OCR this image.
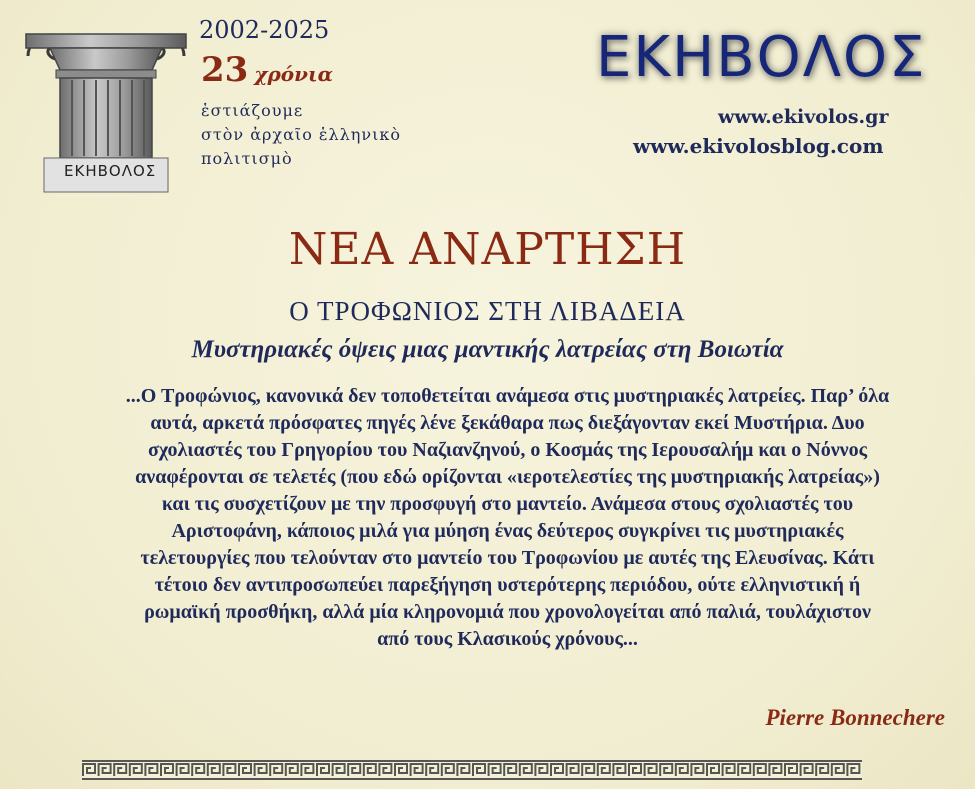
ΕΚΗΒΟΛΟΣ
2002-2025
23 χρόνια
ἑστιάζουμε
στὸν ἀρχαῖο ἑλληνικὸ
πολιτισμὸ
ΕΚΗΒΟΛΟΣ
www.ekivolos.gr
www.ekivolosblog.com
ΝΕΑ ΑΝΑΡΤΗΣΗ
Ο ΤΡΟΦΩΝΙΟΣ ΣΤΗ ΛΙΒΑΔΕΙΑ
Μυστηριακές όψεις μιας μαντικής λατρείας στη Βοιωτία
...Ο Τροφώνιος, κανονικά δεν τοποθετείται ανάμεσα στις μυστηριακές λατρείες. Παρ’ όλα
αυτά, αρκετά πρόσφατες πηγές λένε ξεκάθαρα πως διεξάγονταν εκεί Μυστήρια. Δυο
σχολιαστές του Γρηγορίου του Ναζιανζηνού, ο Κοσμάς της Ιερουσαλήμ και ο Νόννος
αναφέρονται σε τελετές (που εδώ ορίζονται «ιεροτελεστίες της μυστηριακής λατρείας»)
και τις συσχετίζουν με την προσφυγή στο μαντείο. Ανάμεσα στους σχολιαστές του
Αριστοφάνη, κάποιος μιλά για μύηση ένας δεύτερος συγκρίνει τις μυστηριακές
τελετουργίες που τελούνταν στο μαντείο του Τροφωνίου με αυτές της Ελευσίνας. Κάτι
τέτοιο δεν αντιπροσωπεύει παρεξήγηση υστερότερης περιόδου, ούτε ελληνιστική ή
ρωμαϊκή προσθήκη, αλλά μία κληρονομιά που χρονολογείται από παλιά, τουλάχιστον
από τους Κλασικούς χρόνους...
Pierre Bonnechere
